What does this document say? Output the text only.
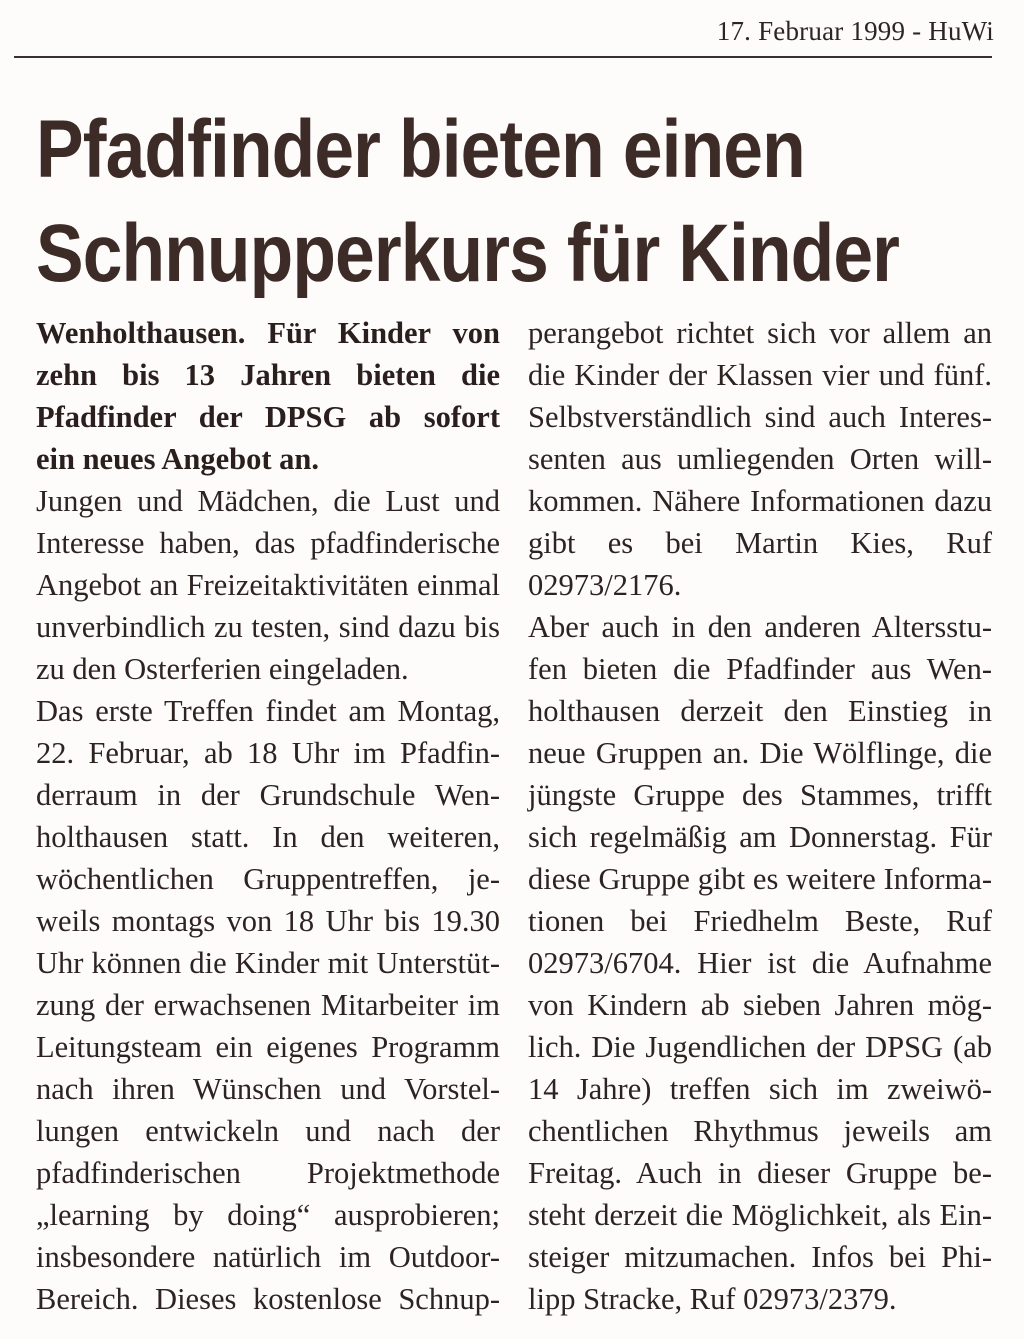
17. Februar 1999 - HuWi
Pfadfinder bieten einen
Schnupperkurs für Kinder
Wenholthausen. Für Kinder von
zehn bis 13 Jahren bieten die
Pfadfinder der DPSG ab sofort
ein neues Angebot an.
Jungen und Mädchen, die Lust und
Interesse haben, das pfadfinderische
Angebot an Freizeitaktivitäten einmal
unverbindlich zu testen, sind dazu bis
zu den Osterferien eingeladen.
Das erste Treffen findet am Montag,
22. Februar, ab 18 Uhr im Pfadfin-
derraum in der Grundschule Wen-
holthausen statt. In den weiteren,
wöchentlichen Gruppentreffen, je-
weils montags von 18 Uhr bis 19.30
Uhr können die Kinder mit Unterstüt-
zung der erwachsenen Mitarbeiter im
Leitungsteam ein eigenes Programm
nach ihren Wünschen und Vorstel-
lungen entwickeln und nach der
pfadfinderischen Projektmethode
„learning by doing“ ausprobieren;
insbesondere natürlich im Outdoor-
Bereich. Dieses kostenlose Schnup-
perangebot richtet sich vor allem an
die Kinder der Klassen vier und fünf.
Selbstverständlich sind auch Interes-
senten aus umliegenden Orten will-
kommen. Nähere Informationen dazu
gibt es bei Martin Kies, Ruf
02973/2176.
Aber auch in den anderen Altersstu-
fen bieten die Pfadfinder aus Wen-
holthausen derzeit den Einstieg in
neue Gruppen an. Die Wölflinge, die
jüngste Gruppe des Stammes, trifft
sich regelmäßig am Donnerstag. Für
diese Gruppe gibt es weitere Informa-
tionen bei Friedhelm Beste, Ruf
02973/6704. Hier ist die Aufnahme
von Kindern ab sieben Jahren mög-
lich. Die Jugendlichen der DPSG (ab
14 Jahre) treffen sich im zweiwö-
chentlichen Rhythmus jeweils am
Freitag. Auch in dieser Gruppe be-
steht derzeit die Möglichkeit, als Ein-
steiger mitzumachen. Infos bei Phi-
lipp Stracke, Ruf 02973/2379.
